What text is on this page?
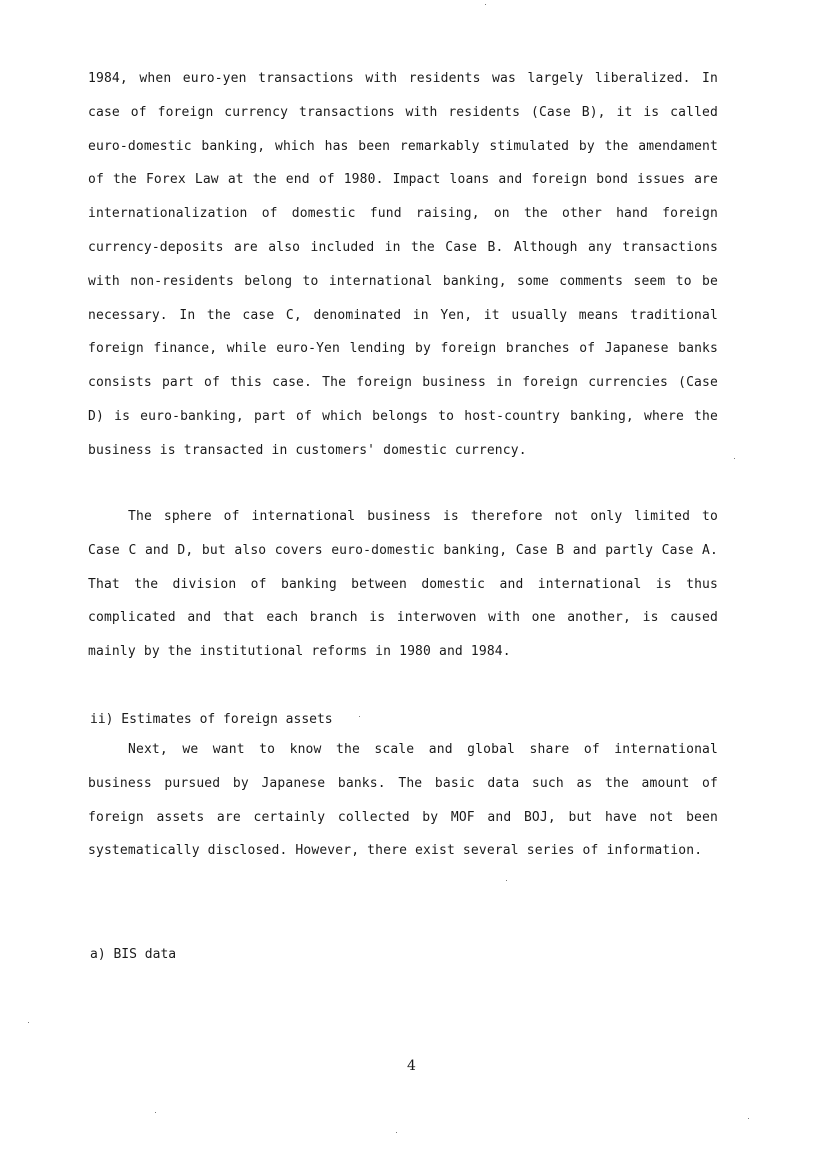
1984, when euro-yen transactions with residents was largely liberalized. In case of foreign currency transactions with residents (Case B), it is called euro-domestic banking, which has been remarkably stimulated by the amendament of the Forex Law at the end of 1980. Impact loans and foreign bond issues are internationalization of domestic fund raising, on the other hand foreign currency-deposits are also included in the Case B. Although any transactions with non-residents belong to international banking, some comments seem to be necessary. In the case C, denominated in Yen, it usually means traditional foreign finance, while euro-Yen lending by foreign branches of Japanese banks consists part of this case. The foreign business in foreign currencies (Case D) is euro-banking, part of which belongs to host-country banking, where the business is transacted in customers' domestic currency.

The sphere of international business is therefore not only limited to Case C and D, but also covers euro-domestic banking, Case B and partly Case A. That the division of banking between domestic and international is thus complicated and that each branch is interwoven with one another, is caused mainly by the institutional reforms in 1980 and 1984.

ii) Estimates of foreign assets

Next, we want to know the scale and global share of international business pursued by Japanese banks. The basic data such as the amount of foreign assets are certainly collected by MOF and BOJ, but have not been systematically disclosed. However, there exist several series of information.

a) BIS data
4
